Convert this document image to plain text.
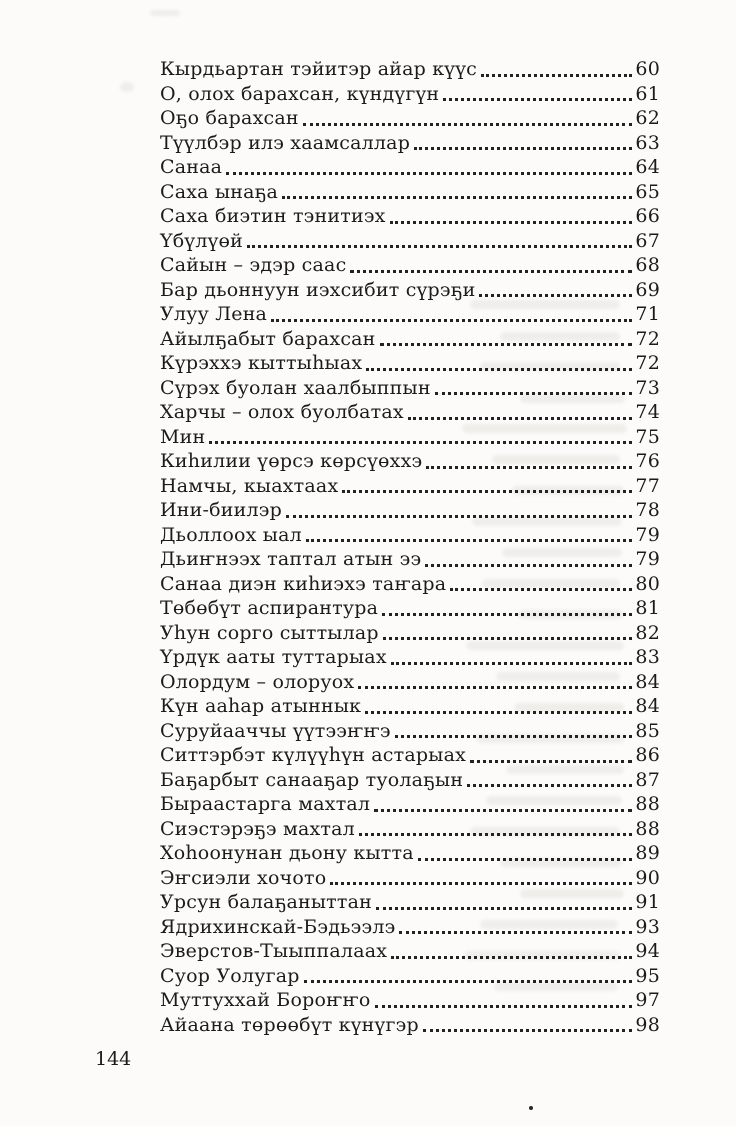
Кырдьартан тэйитэр айар күүс	60
О, олох барахсан, күндүгүн	61
Оҕо барахсан	62
Түүлбэр илэ хаамсаллар	63
Санаа	64
Саха ынаҕа	65
Саха биэтин тэнитиэх	66
Үбүлүөй	67
Сайын – эдэр саас	68
Бар дьоннуун иэхсибит сүрэҕи	69
Улуу Лена	71
Айылҕабыт барахсан	72
Күрэххэ кыттыһыах	72
Сүрэх буолан хаалбыппын	73
Харчы – олох буолбатах	74
Мин	75
Киһилии үөрсэ көрсүөххэ	76
Намчы, кыахтаах	77
Ини-биилэр	78
Дьоллоох ыал	79
Дьиҥнээх таптал атын ээ	79
Санаа диэн киһиэхэ таҥара	80
Төбөбүт аспирантура	81
Уһун сорго сыттылар	82
Үрдүк ааты туттарыах	83
Олордум – олоруох	84
Күн ааһар атыннык	84
Суруйааччы үүтээҥҥэ	85
Ситтэрбэт күлүүһүн астарыах	86
Баҕарбыт санааҕар туолаҕын	87
Быраастарга махтал	88
Сиэстэрэҕэ махтал	88
Хоһоонунан дьону кытта	89
Эҥсиэли хочото	90
Урсун балаҕаныттан	91
Ядрихинскай-Бэдьээлэ	93
Эверстов-Тыыппалаах	94
Суор Уолугар	95
Муттуххай Бороҥҥо	97
Айаана төрөөбүт күнүгэр	98
144
